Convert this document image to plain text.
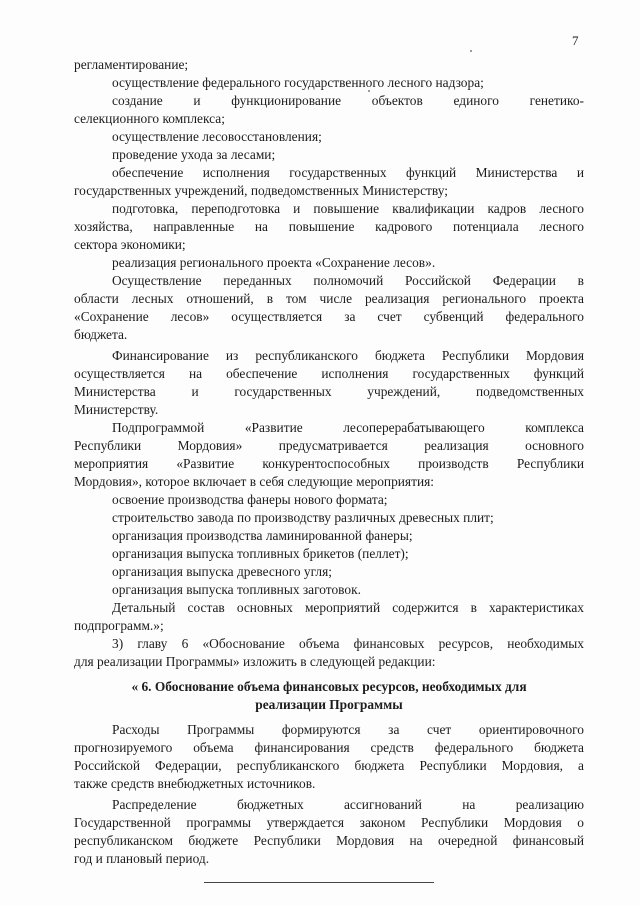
7
регламентирование;
осуществление федерального государственного лесного надзора;
создание и функционирование объектов единого генетико-
селекционного комплекса;
осуществление лесовосстановления;
проведение ухода за лесами;
обеспечение исполнения государственных функций Министерства и
государственных учреждений, подведомственных Министерству;
подготовка, переподготовка и повышение квалификации кадров лесного
хозяйства, направленные на повышение кадрового потенциала лесного
сектора экономики;
реализация регионального проекта «Сохранение лесов».
Осуществление переданных полномочий Российской Федерации в
области лесных отношений, в том числе реализация регионального проекта
«Сохранение лесов» осуществляется за счет субвенций федерального
бюджета.
Финансирование из республиканского бюджета Республики Мордовия
осуществляется на обеспечение исполнения государственных функций
Министерства и государственных учреждений, подведомственных
Министерству.
Подпрограммой «Развитие лесоперерабатывающего комплекса
Республики Мордовия» предусматривается реализация основного
мероприятия «Развитие конкурентоспособных производств Республики
Мордовия», которое включает в себя следующие мероприятия:
освоение производства фанеры нового формата;
строительство завода по производству различных древесных плит;
организация производства ламинированной фанеры;
организация выпуска топливных брикетов (пеллет);
организация выпуска древесного угля;
организация выпуска топливных заготовок.
Детальный состав основных мероприятий содержится в характеристиках
подпрограмм.»;
3) главу 6 «Обоснование объема финансовых ресурсов, необходимых
для реализации Программы» изложить в следующей редакции:
« 6. Обоснование объема финансовых ресурсов, необходимых для
реализации Программы
Расходы Программы формируются за счет ориентировочного
прогнозируемого объема финансирования средств федерального бюджета
Российской Федерации, республиканского бюджета Республики Мордовия, а
также средств внебюджетных источников.
Распределение бюджетных ассигнований на реализацию
Государственной программы утверждается законом Республики Мордовия о
республиканском бюджете Республики Мордовия на очередной финансовый
год и плановый период.
